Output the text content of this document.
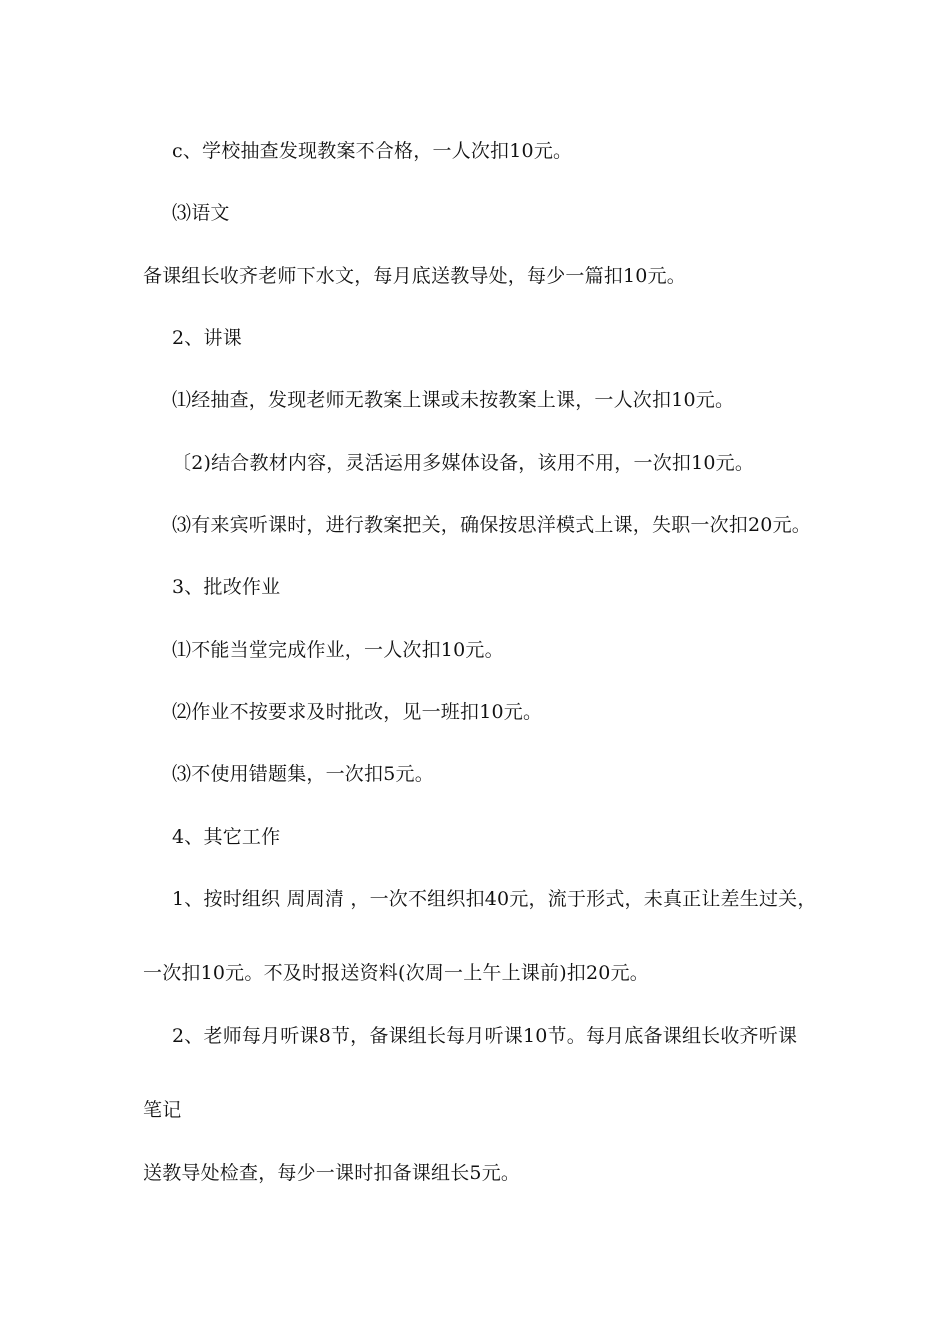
c、学校抽查发现教案不合格，一人次扣10元。
⑶语文
备课组长收齐老师下水文，每月底送教导处，每少一篇扣10元。
2、讲课
⑴经抽查，发现老师无教案上课或未按教案上课，一人次扣10元。
〔2)结合教材内容，灵活运用多媒体设备，该用不用，一次扣10元。
⑶有来宾听课时，进行教案把关，确保按思洋模式上课，失职一次扣20元。
3、批改作业
⑴不能当堂完成作业，一人次扣10元。
⑵作业不按要求及时批改，见一班扣10元。
⑶不使用错题集，一次扣5元。
4、其它工作
1、按时组织 周周清 ，一次不组织扣40元，流于形式，未真正让差生过关，
一次扣10元。不及时报送资料(次周一上午上课前)扣20元。
2、老师每月听课8节，备课组长每月听课10节。每月底备课组长收齐听课
笔记
送教导处检查，每少一课时扣备课组长5元。
